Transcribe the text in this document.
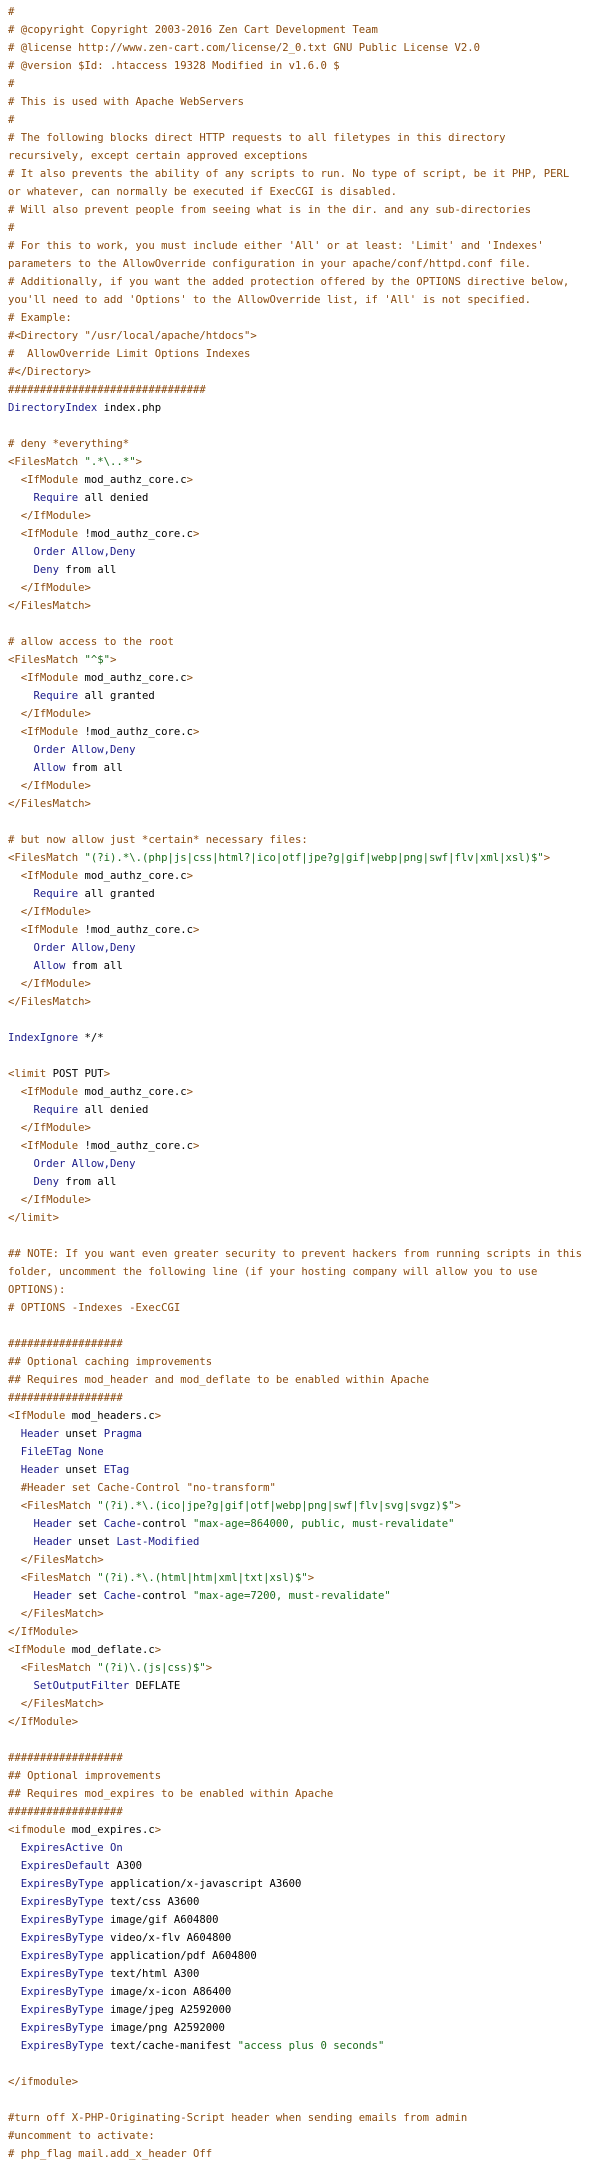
#
# @copyright Copyright 2003-2016 Zen Cart Development Team
# @license http://www.zen-cart.com/license/2_0.txt GNU Public License V2.0
# @version $Id: .htaccess 19328 Modified in v1.6.0 $
#
# This is used with Apache WebServers
#
# The following blocks direct HTTP requests to all filetypes in this directory recursively, except certain approved exceptions
# It also prevents the ability of any scripts to run. No type of script, be it PHP, PERL or whatever, can normally be executed if ExecCGI is disabled.
# Will also prevent people from seeing what is in the dir. and any sub-directories
#
# For this to work, you must include either 'All' or at least: 'Limit' and 'Indexes' parameters to the AllowOverride configuration in your apache/conf/httpd.conf file.
# Additionally, if you want the added protection offered by the OPTIONS directive below, you'll need to add 'Options' to the AllowOverride list, if 'All' is not specified.
# Example:
#<Directory "/usr/local/apache/htdocs">
#  AllowOverride Limit Options Indexes
#</Directory>
###############################
DirectoryIndex index.php
# deny *everything*
<FilesMatch ".*\..*">
<IfModule mod_authz_core.c>
Require all denied
</IfModule>
<IfModule !mod_authz_core.c>
Order Allow,Deny
Deny from all
</IfModule>
</FilesMatch>
# allow access to the root
<FilesMatch "^$">
<IfModule mod_authz_core.c>
Require all granted
</IfModule>
<IfModule !mod_authz_core.c>
Order Allow,Deny
Allow from all
</IfModule>
</FilesMatch>
# but now allow just *certain* necessary files:
<FilesMatch "(?i).*\.(php|js|css|html?|ico|otf|jpe?g|gif|webp|png|swf|flv|xml|xsl)$">
<IfModule mod_authz_core.c>
Require all granted
</IfModule>
<IfModule !mod_authz_core.c>
Order Allow,Deny
Allow from all
</IfModule>
</FilesMatch>
IndexIgnore */*
<limit POST PUT>
<IfModule mod_authz_core.c>
Require all denied
</IfModule>
<IfModule !mod_authz_core.c>
Order Allow,Deny
Deny from all
</IfModule>
</limit>
## NOTE: If you want even greater security to prevent hackers from running scripts in this folder, uncomment the following line (if your hosting company will allow you to use OPTIONS):
# OPTIONS -Indexes -ExecCGI
##################
## Optional caching improvements
## Requires mod_header and mod_deflate to be enabled within Apache
##################
<IfModule mod_headers.c>
Header unset Pragma
FileETag None
Header unset ETag
#Header set Cache-Control "no-transform"
<FilesMatch "(?i).*\.(ico|jpe?g|gif|otf|webp|png|swf|flv|svg|svgz)$">
Header set Cache-control "max-age=864000, public, must-revalidate"
Header unset Last-Modified
</FilesMatch>
<FilesMatch "(?i).*\.(html|htm|xml|txt|xsl)$">
Header set Cache-control "max-age=7200, must-revalidate"
</FilesMatch>
</IfModule>
<IfModule mod_deflate.c>
<FilesMatch "(?i)\.(js|css)$">
SetOutputFilter DEFLATE
</FilesMatch>
</IfModule>
##################
## Optional improvements
## Requires mod_expires to be enabled within Apache
##################
<ifmodule mod_expires.c>
ExpiresActive On
ExpiresDefault A300
ExpiresByType application/x-javascript A3600
ExpiresByType text/css A3600
ExpiresByType image/gif A604800
ExpiresByType video/x-flv A604800
ExpiresByType application/pdf A604800
ExpiresByType text/html A300
ExpiresByType image/x-icon A86400
ExpiresByType image/jpeg A2592000
ExpiresByType image/png A2592000
ExpiresByType text/cache-manifest "access plus 0 seconds"
</ifmodule>
#turn off X-PHP-Originating-Script header when sending emails from admin
#uncomment to activate:
# php_flag mail.add_x_header Off
